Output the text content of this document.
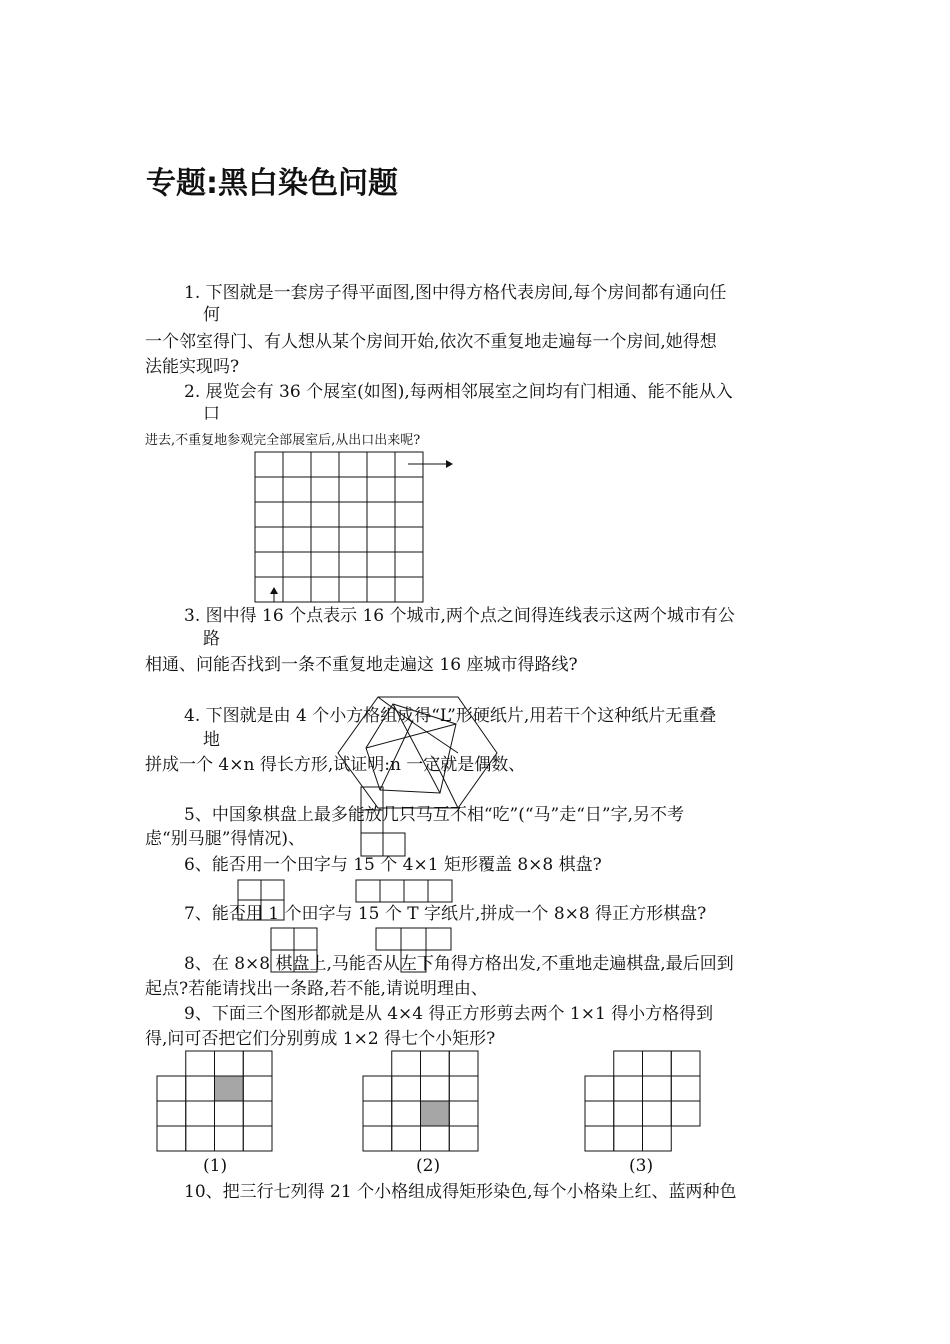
专题:黑白染色问题
1. 下图就是一套房子得平面图,图中得方格代表房间,每个房间都有通向任
何
一个邻室得门、有人想从某个房间开始,依次不重复地走遍每一个房间,她得想
法能实现吗?
2. 展览会有 36 个展室(如图),每两相邻展室之间均有门相通、能不能从入
口
进去,不重复地参观完全部展室后,从出口出来呢?
3. 图中得 16 个点表示 16 个城市,两个点之间得连线表示这两个城市有公
路
相通、问能否找到一条不重复地走遍这 16 座城市得路线?
4. 下图就是由 4 个小方格组成得“L”形硬纸片,用若干个这种纸片无重叠
地
拼成一个 4×n 得长方形,试证明:n 一定就是偶数、
5、中国象棋盘上最多能放几只马互不相“吃”(“马”走“日”字,另不考
虑“别马腿”得情况)、
6、能否用一个田字与 15 个 4×1 矩形覆盖 8×8 棋盘?
7、能否用 1 个田字与 15 个 T 字纸片,拼成一个 8×8 得正方形棋盘?
8、在 8×8 棋盘上,马能否从左下角得方格出发,不重地走遍棋盘,最后回到
起点?若能请找出一条路,若不能,请说明理由、
9、下面三个图形都就是从 4×4 得正方形剪去两个 1×1 得小方格得到
得,问可否把它们分别剪成 1×2 得七个小矩形?
(1)	(2)	(3)
10、把三行七列得 21 个小格组成得矩形染色,每个小格染上红、蓝两种色
